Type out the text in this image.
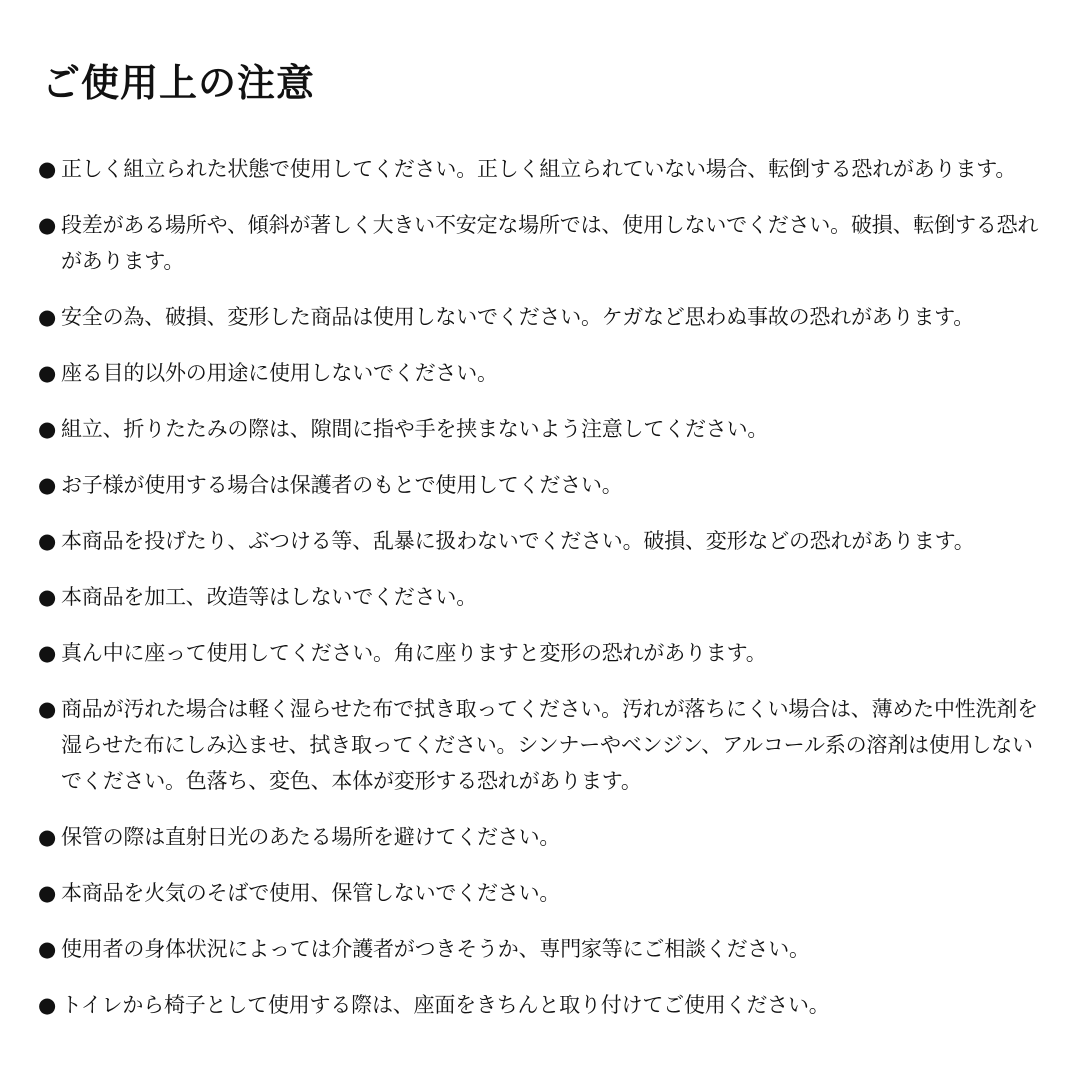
ご使用上の注意
● 正しく組立られた状態で使用してください。正しく組立られていない場合、転倒する恐れがあります。
● 段差がある場所や、傾斜が著しく大きい不安定な場所では、使用しないでください。破損、転倒する恐れがあります。
● 安全の為、破損、変形した商品は使用しないでください。ケガなど思わぬ事故の恐れがあります。
● 座る目的以外の用途に使用しないでください。
● 組立、折りたたみの際は、隙間に指や手を挟まないよう注意してください。
● お子様が使用する場合は保護者のもとで使用してください。
● 本商品を投げたり、ぶつける等、乱暴に扱わないでください。破損、変形などの恐れがあります。
● 本商品を加工、改造等はしないでください。
● 真ん中に座って使用してください。角に座りますと変形の恐れがあります。
● 商品が汚れた場合は軽く湿らせた布で拭き取ってください。汚れが落ちにくい場合は、薄めた中性洗剤を湿らせた布にしみ込ませ、拭き取ってください。シンナーやベンジン、アルコール系の溶剤は使用しないでください。色落ち、変色、本体が変形する恐れがあります。
● 保管の際は直射日光のあたる場所を避けてください。
● 本商品を火気のそばで使用、保管しないでください。
● 使用者の身体状況によっては介護者がつきそうか、専門家等にご相談ください。
● トイレから椅子として使用する際は、座面をきちんと取り付けてご使用ください。
